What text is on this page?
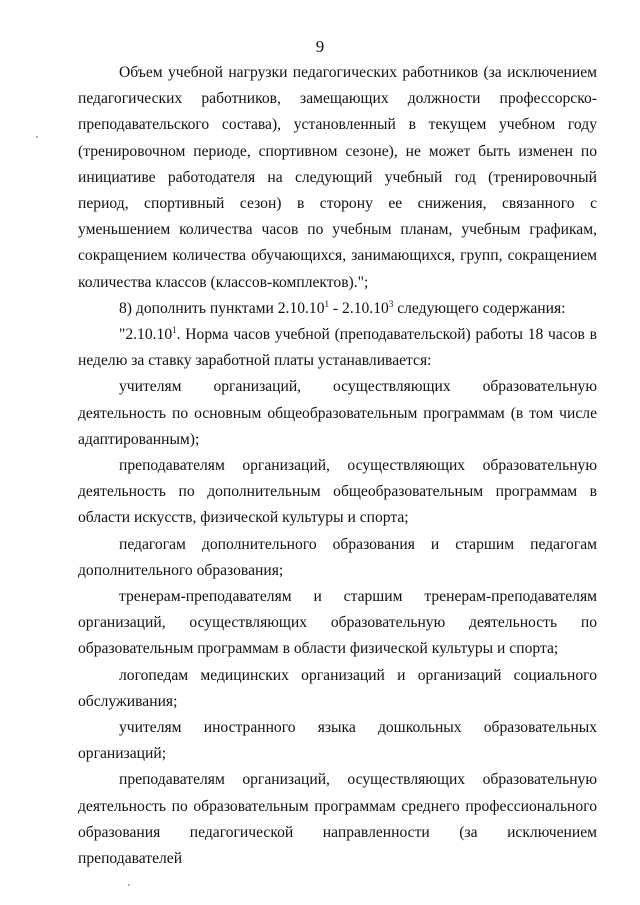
9

Объем учебной нагрузки педагогических работников (за исключением педагогических работников, замещающих должности профессорско-преподавательского состава), установленный в текущем учебном году (тренировочном периоде, спортивном сезоне), не может быть изменен по инициативе работодателя на следующий учебный год (тренировочный период, спортивный сезон) в сторону ее снижения, связанного с уменьшением количества часов по учебным планам, учебным графикам, сокращением количества обучающихся, занимающихся, групп, сокращением количества классов (классов-комплектов).";

8) дополнить пунктами 2.10.10$^1$ - 2.10.10$^3$ следующего содержания:

"2.10.10$^1$. Норма часов учебной (преподавательской) работы 18 часов в неделю за ставку заработной платы устанавливается:

учителям организаций, осуществляющих образовательную деятельность по основным общеобразовательным программам (в том числе адаптированным);

преподавателям организаций, осуществляющих образовательную деятельность по дополнительным общеобразовательным программам в области искусств, физической культуры и спорта;

педагогам дополнительного образования и старшим педагогам дополнительного образования;

тренерам-преподавателям и старшим тренерам-преподавателям организаций, осуществляющих образовательную деятельность по образовательным программам в области физической культуры и спорта;

логопедам медицинских организаций и организаций социального обслуживания;

учителям иностранного языка дошкольных образовательных организаций;

преподавателям организаций, осуществляющих образовательную деятельность по образовательным программам среднего профессионального образования педагогической направленности (за исключением преподавателей
